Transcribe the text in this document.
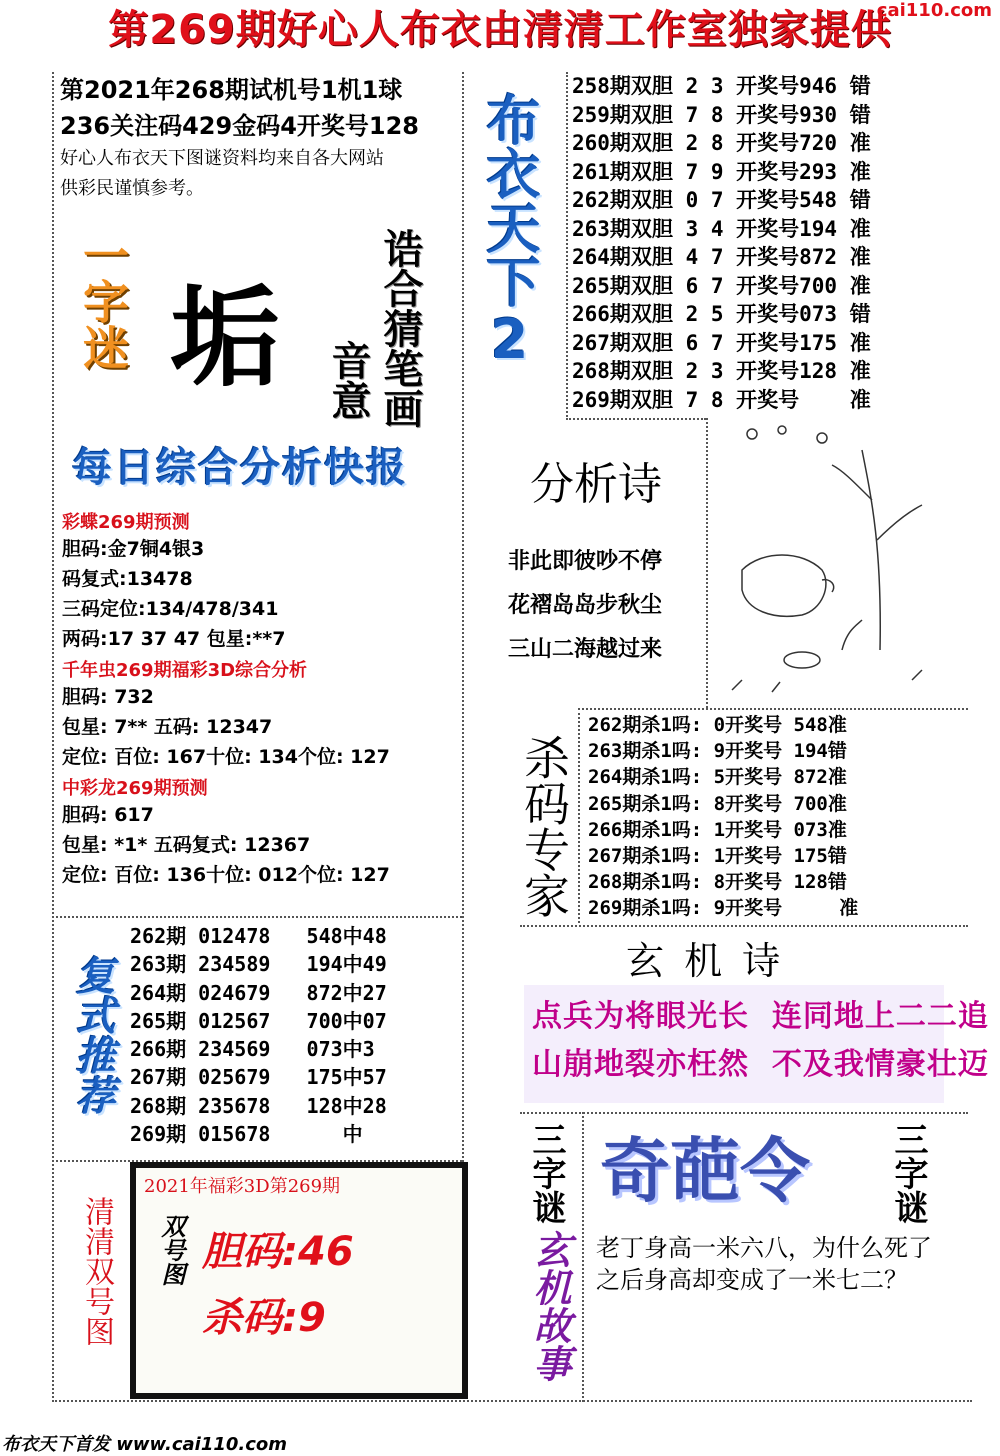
第269期好心人布衣由清清工作室独家提供
cai110.com
第2021年268期试机号1机1球
236关注码429金码4开奖号128
好心人布衣天下图谜资料均来自各大网站
供彩民谨慎参考。	布衣天下2
一字迷 垢 诰合猜笔画
音意
每日综合分析快报
彩蝶269期预测
胆码:金7铜4银3
码复式:13478
三码定位:134/478/341
两码:17 37 47 包星:**7
千年虫269期福彩3D综合分析
胆码: 732
包星: 7** 五码: 12347
定位: 百位: 167十位: 134个位: 127
中彩龙269期预测
胆码: 617
包星: *1* 五码复式: 12367
定位: 百位: 136十位: 012个位: 127
258期双胆 2 3 开奖号946 错
259期双胆 7 8 开奖号930 错
260期双胆 2 8 开奖号720 准
261期双胆 7 9 开奖号293 准
262期双胆 0 7 开奖号548 错
263期双胆 3 4 开奖号194 准
264期双胆 4 7 开奖号872 准
265期双胆 6 7 开奖号700 准
266期双胆 2 5 开奖号073 错
267期双胆 6 7 开奖号175 准
268期双胆 2 3 开奖号128 准
269期双胆 7 8 开奖号    准
分析诗
非此即彼吵不停
花褶岛岛步秋尘
三山二海越过来
杀码专家
262期杀1吗: 0开奖号 548准
263期杀1吗: 9开奖号 194错
264期杀1吗: 5开奖号 872准
265期杀1吗: 8开奖号 700准
266期杀1吗: 1开奖号 073准
267期杀1吗: 1开奖号 175错
268期杀1吗: 8开奖号 128错
269期杀1吗: 9开奖号     准
复式推荐
262期 012478   548中48
263期 234589   194中49
264期 024679   872中27
265期 012567   700中07
266期 234569   073中3
267期 025679   175中57
268期 235678   128中28
269期 015678      中
玄 机 诗
点兵为将眼光长  连同地上二二追
山崩地裂亦枉然  不及我情豪壮迈
三字谜	三字谜
奇葩令
玄机故事 老丁身高一米六八，为什么死了之后身高却变成了一米七二？
清清双号图
2021年福彩3D第269期
双号图 胆码:46
杀码:9
布衣天下首发 www.cai110.com
